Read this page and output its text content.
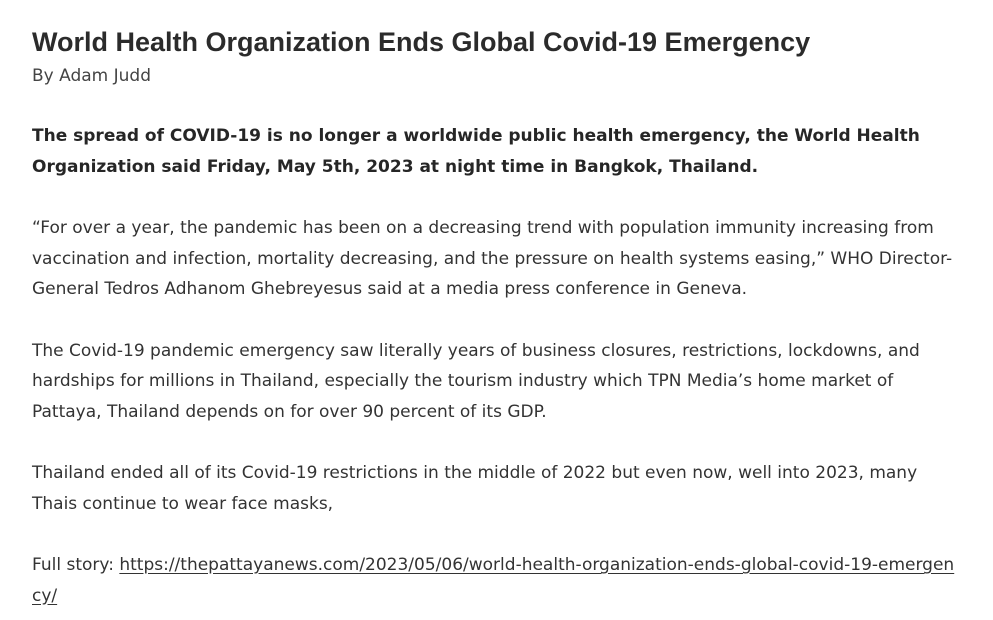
World Health Organization Ends Global Covid-19 Emergency

By Adam Judd

The spread of COVID-19 is no longer a worldwide public health emergency, the World Health Organization said Friday, May 5th, 2023 at night time in Bangkok, Thailand.

“For over a year, the pandemic has been on a decreasing trend with population immunity increasing from vaccination and infection, mortality decreasing, and the pressure on health systems easing,” WHO Director-General Tedros Adhanom Ghebreyesus said at a media press conference in Geneva.

The Covid-19 pandemic emergency saw literally years of business closures, restrictions, lockdowns, and hardships for millions in Thailand, especially the tourism industry which TPN Media’s home market of Pattaya, Thailand depends on for over 90 percent of its GDP.

Thailand ended all of its Covid-19 restrictions in the middle of 2022 but even now, well into 2023, many Thais continue to wear face masks,

Full story: https://thepattayanews.com/2023/05/06/world-health-organization-ends-global-covid-19-emergency/
